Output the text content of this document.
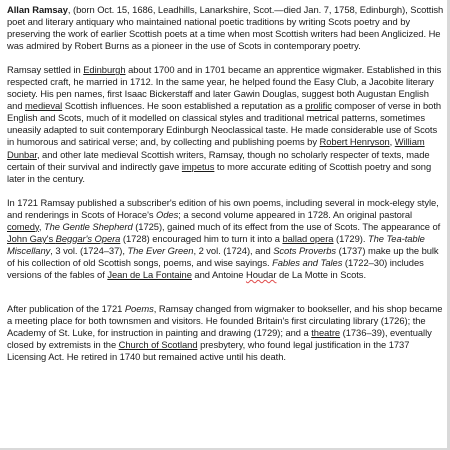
Allan Ramsay, (born Oct. 15, 1686, Leadhills, Lanarkshire, Scot.—died Jan. 7, 1758, Edinburgh), Scottish poet and literary antiquary who maintained national poetic traditions by writing Scots poetry and by preserving the work of earlier Scottish poets at a time when most Scottish writers had been Anglicized. He was admired by Robert Burns as a pioneer in the use of Scots in contemporary poetry.

Ramsay settled in Edinburgh about 1700 and in 1701 became an apprentice wigmaker. Established in this respected craft, he married in 1712. In the same year, he helped found the Easy Club, a Jacobite literary society. His pen names, first Isaac Bickerstaff and later Gawin Douglas, suggest both Augustan English and medieval Scottish influences. He soon established a reputation as a prolific composer of verse in both English and Scots, much of it modelled on classical styles and traditional metrical patterns, sometimes uneasily adapted to suit contemporary Edinburgh Neoclassical taste. He made considerable use of Scots in humorous and satirical verse; and, by collecting and publishing poems by Robert Henryson, William Dunbar, and other late medieval Scottish writers, Ramsay, though no scholarly respecter of texts, made certain of their survival and indirectly gave impetus to more accurate editing of Scottish poetry and song later in the century.

In 1721 Ramsay published a subscriber's edition of his own poems, including several in mock-elegy style, and renderings in Scots of Horace's Odes; a second volume appeared in 1728. An original pastoral comedy, The Gentle Shepherd (1725), gained much of its effect from the use of Scots. The appearance of John Gay's Beggar's Opera (1728) encouraged him to turn it into a ballad opera (1729). The Tea-table Miscellany, 3 vol. (1724–37), The Ever Green, 2 vol. (1724), and Scots Proverbs (1737) make up the bulk of his collection of old Scottish songs, poems, and wise sayings. Fables and Tales (1722–30) includes versions of the fables of Jean de La Fontaine and Antoine Houdar de La Motte in Scots.

After publication of the 1721 Poems, Ramsay changed from wigmaker to bookseller, and his shop became a meeting place for both townsmen and visitors. He founded Britain's first circulating library (1726); the Academy of St. Luke, for instruction in painting and drawing (1729); and a theatre (1736–39), eventually closed by extremists in the Church of Scotland presbytery, who found legal justification in the 1737 Licensing Act. He retired in 1740 but remained active until his death.
